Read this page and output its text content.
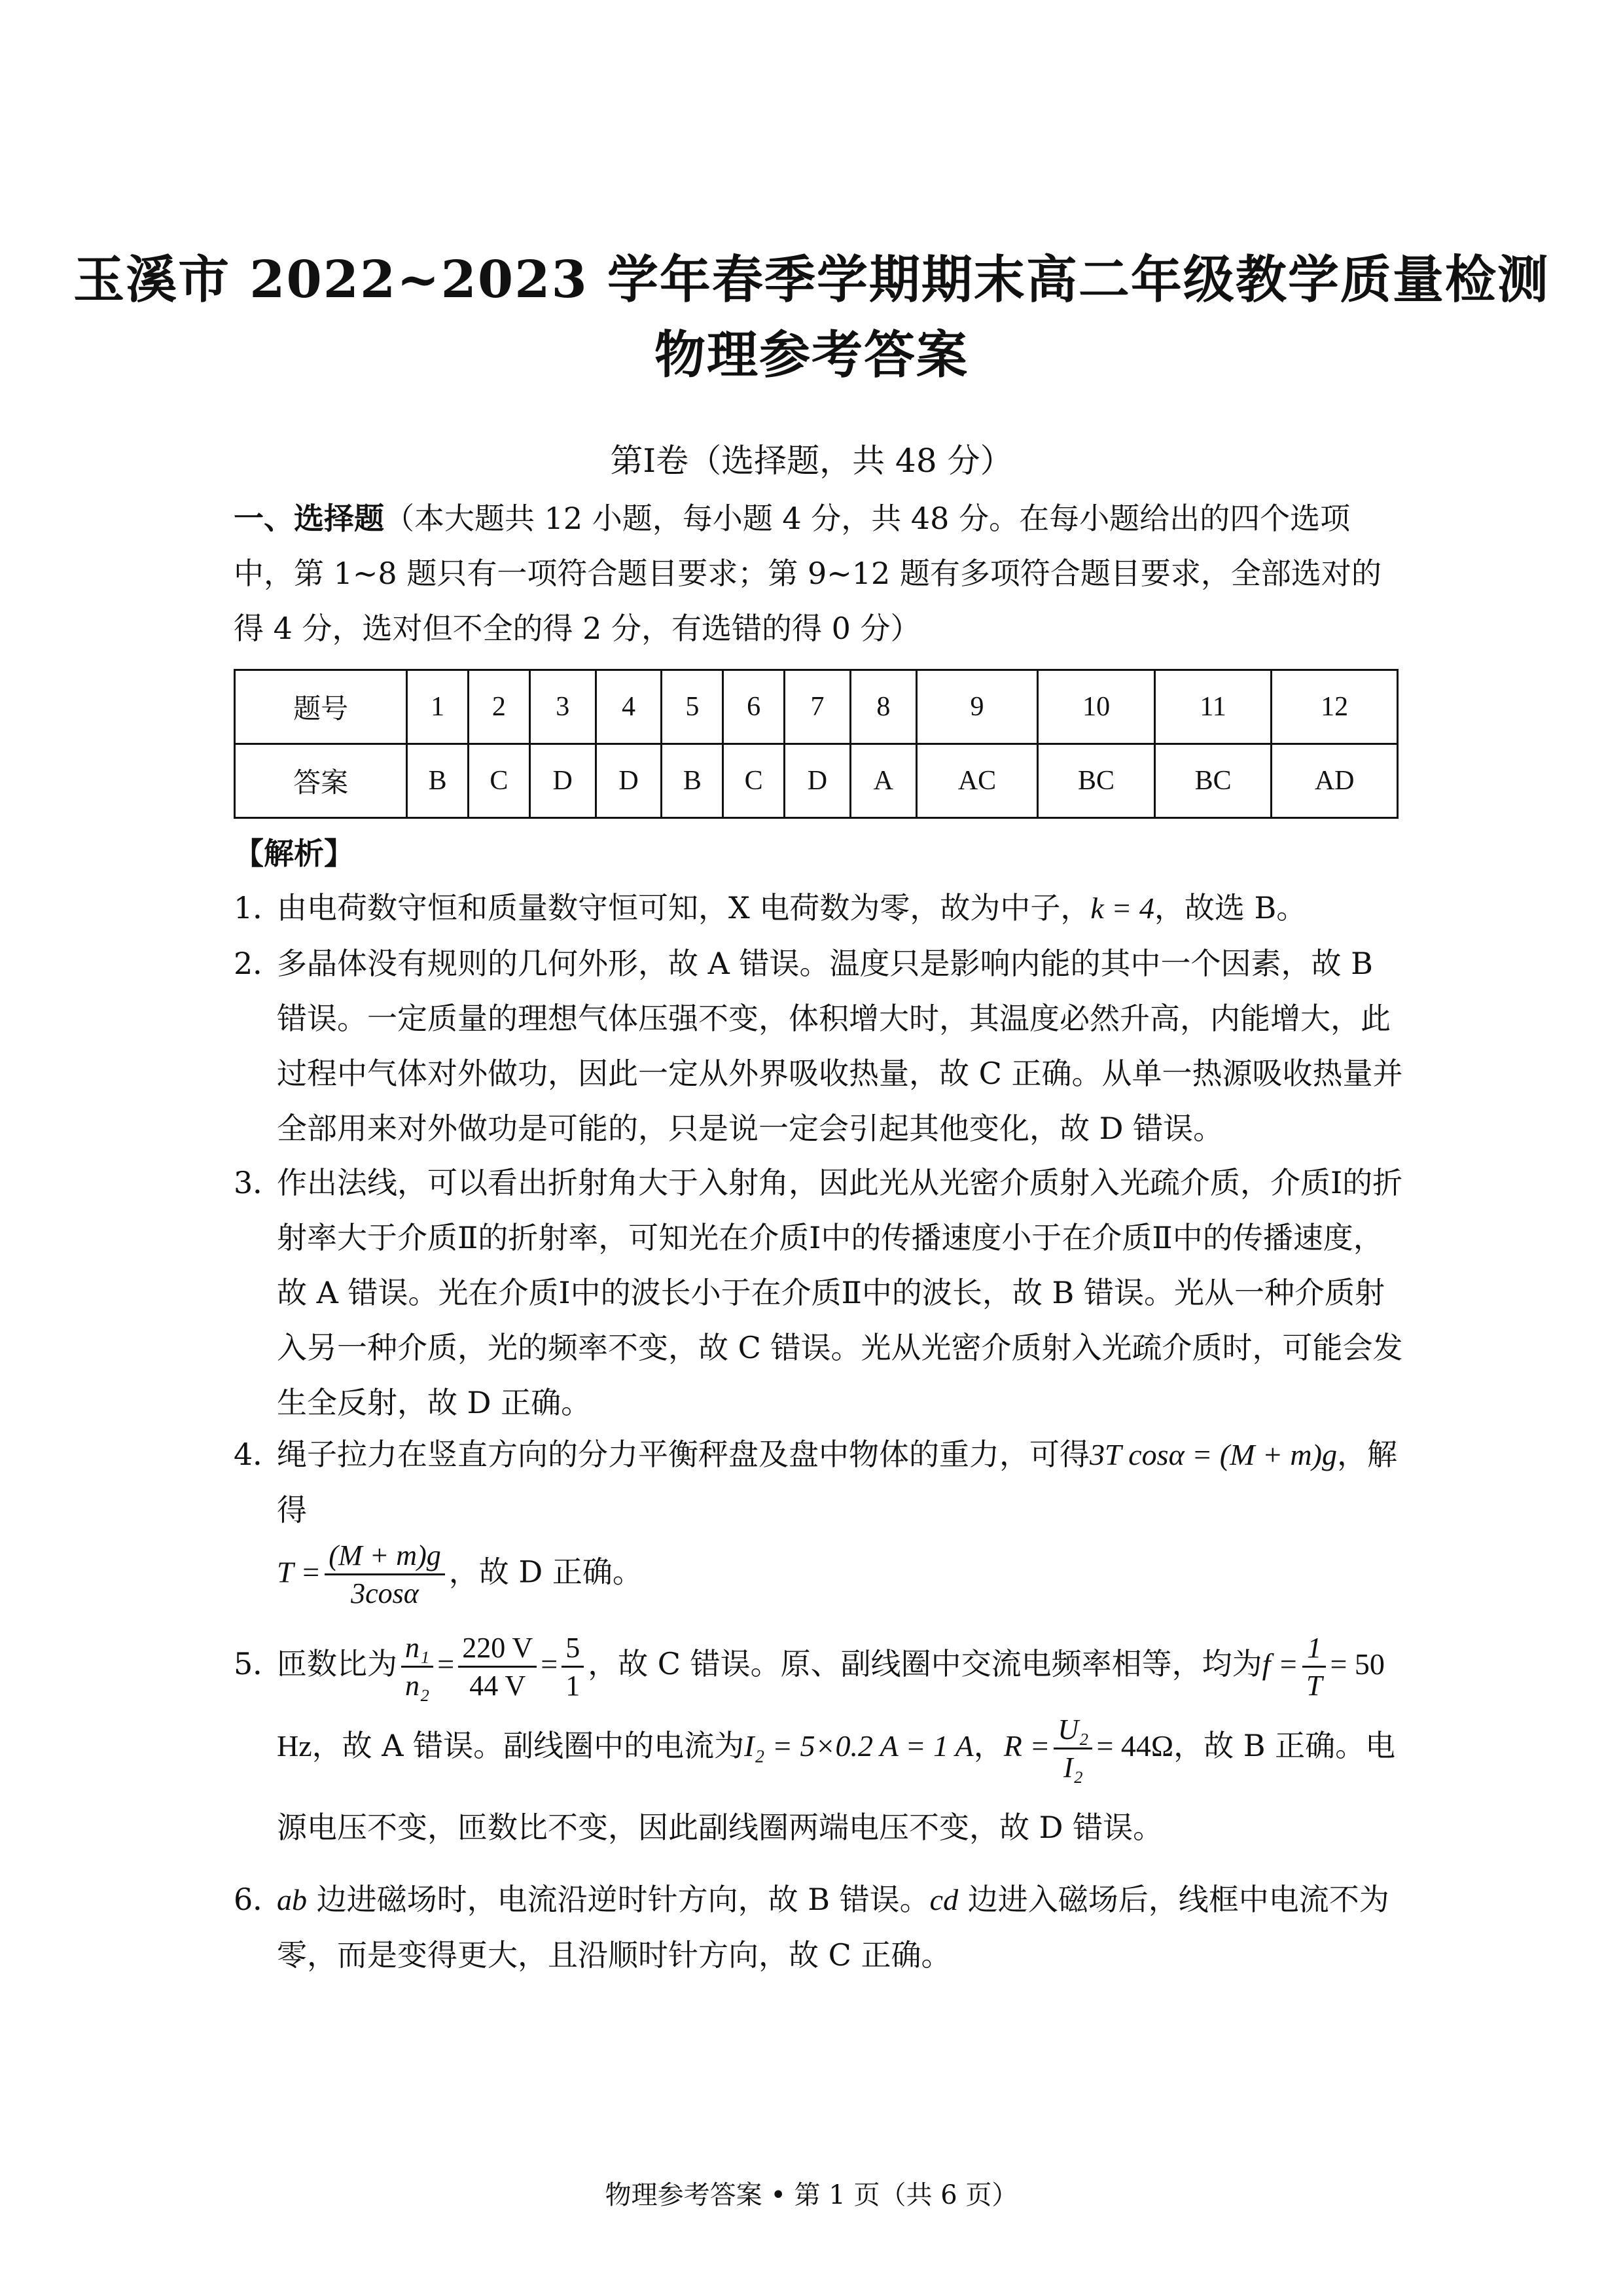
玉溪市 2022~2023 学年春季学期期末高二年级教学质量检测
物理参考答案
第Ⅰ卷（选择题，共 48 分）
一、选择题（本大题共 12 小题，每小题 4 分，共 48 分。在每小题给出的四个选项中，第 1~8 题只有一项符合题目要求；第 9~12 题有多项符合题目要求，全部选对的得 4 分，选对但不全的得 2 分，有选错的得 0 分）
题号	1	2	3	4	5	6	7	8	9	10	11	12
答案	B	C	D	D	B	C	D	A	AC	BC	BC	AD
【解析】
1．
由电荷数守恒和质量数守恒可知，X 电荷数为零，故为中子，k = 4，故选 B。
2．
多晶体没有规则的几何外形，故 A 错误。温度只是影响内能的其中一个因素，故 B 错误。一定质量的理想气体压强不变，体积增大时，其温度必然升高，内能增大，此过程中气体对外做功，因此一定从外界吸收热量，故 C 正确。从单一热源吸收热量并全部用来对外做功是可能的，只是说一定会引起其他变化，故 D 错误。
3．
作出法线，可以看出折射角大于入射角，因此光从光密介质射入光疏介质，介质Ⅰ的折射率大于介质Ⅱ的折射率，可知光在介质Ⅰ中的传播速度小于在介质Ⅱ中的传播速度，故 A 错误。光在介质Ⅰ中的波长小于在介质Ⅱ中的波长，故 B 错误。光从一种介质射入另一种介质，光的频率不变，故 C 错误。光从光密介质射入光疏介质时，可能会发生全反射，故 D 正确。
4．
绳子拉力在竖直方向的分力平衡秤盘及盘中物体的重力，可得3T cosα = (M + m)g，解得
$T = \frac{(M + m)g}{3\cos\alpha}$ ，故 D 正确。
5．
匝数比为 $\frac{\text{n₁}}{\text{n₂}} = \frac{220 V}{44 V} = \frac{5}{1}$ ，故 C 错误。原、副线圈中交流电频率相等，均为$f = \frac{1}{T} = 50$ Hz，故 A 错误。副线圈中的电流为I₂ = 5×0.2 A = 1 A，$R = \frac{\text{U₂}}{\text{I₂}} = 44\Omega$，故 B 正确。电源电压不变，匝数比不变，因此副线圈两端电压不变，故 D 错误。
6．
ab 边进磁场时，电流沿逆时针方向，故 B 错误。cd 边进入磁场后，线框中电流不为零，而是变得更大，且沿顺时针方向，故 C 正确。
物理参考答案 • 第 1 页（共 6 页）
